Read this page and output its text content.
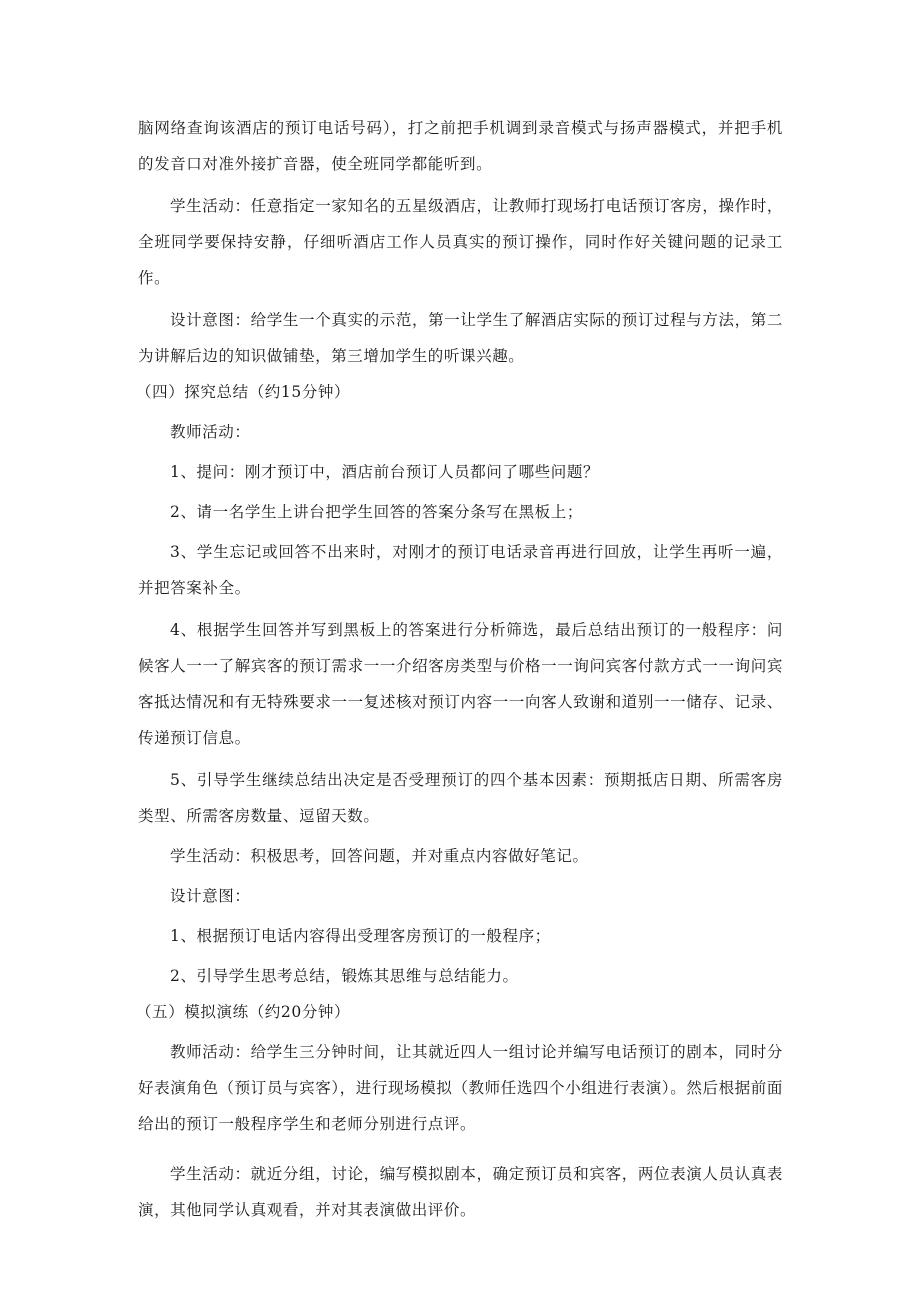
脑网络查询该酒店的预订电话号码），打之前把手机调到录音模式与扬声器模式，并把手机的发音口对准外接扩音器，使全班同学都能听到。

学生活动：任意指定一家知名的五星级酒店，让教师打现场打电话预订客房，操作时，全班同学要保持安静，仔细听酒店工作人员真实的预订操作，同时作好关键问题的记录工作。

设计意图：给学生一个真实的示范，第一让学生了解酒店实际的预订过程与方法，第二为讲解后边的知识做铺垫，第三增加学生的听课兴趣。

（四）探究总结（约15分钟）

教师活动：

1、提问：刚才预订中，酒店前台预订人员都问了哪些问题？

2、请一名学生上讲台把学生回答的答案分条写在黑板上；

3、学生忘记或回答不出来时，对刚才的预订电话录音再进行回放，让学生再听一遍，并把答案补全。

4、根据学生回答并写到黑板上的答案进行分析筛选，最后总结出预订的一般程序：问候客人一一了解宾客的预订需求一一介绍客房类型与价格一一询问宾客付款方式一一询问宾客抵达情况和有无特殊要求一一复述核对预订内容一一向客人致谢和道别一一储存、记录、传递预订信息。

5、引导学生继续总结出决定是否受理预订的四个基本因素：预期抵店日期、所需客房类型、所需客房数量、逗留天数。

学生活动：积极思考，回答问题，并对重点内容做好笔记。

设计意图：

1、根据预订电话内容得出受理客房预订的一般程序；

2、引导学生思考总结，锻炼其思维与总结能力。

（五）模拟演练（约20分钟）

教师活动：给学生三分钟时间，让其就近四人一组讨论并编写电话预订的剧本，同时分好表演角色（预订员与宾客），进行现场模拟（教师任选四个小组进行表演）。然后根据前面给出的预订一般程序学生和老师分别进行点评。

学生活动：就近分组，讨论，编写模拟剧本，确定预订员和宾客，两位表演人员认真表演，其他同学认真观看，并对其表演做出评价。
